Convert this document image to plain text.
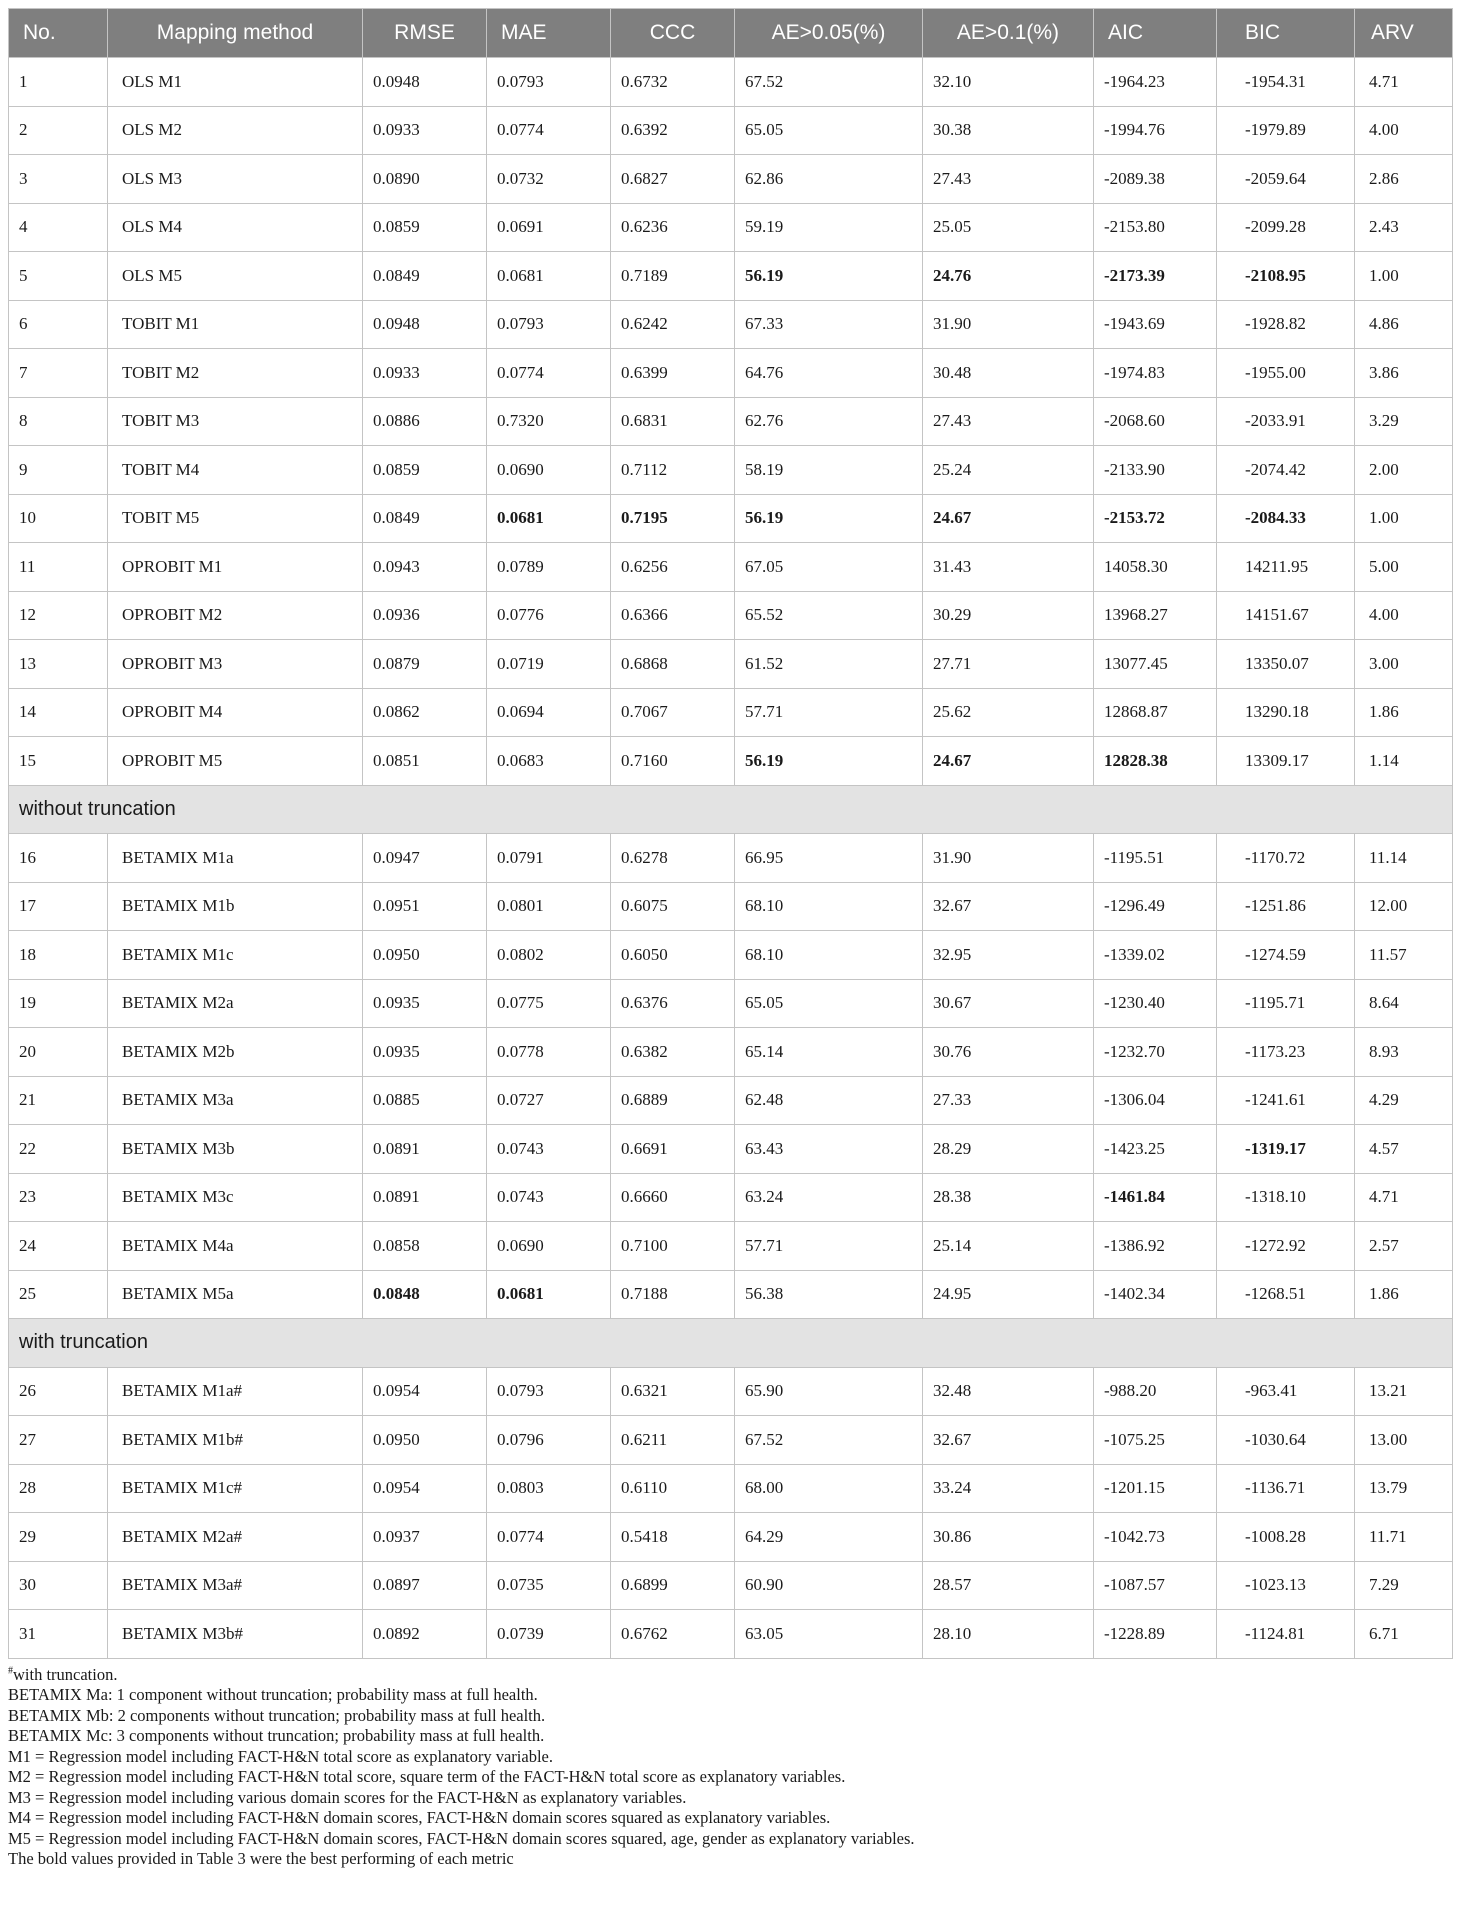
No.	Mapping method	RMSE	MAE	CCC	AE>0.05(%)	AE>0.1(%)	AIC	BIC	ARV
1	OLS M1	0.0948	0.0793	0.6732	67.52	32.10	-1964.23	-1954.31	4.71
2	OLS M2	0.0933	0.0774	0.6392	65.05	30.38	-1994.76	-1979.89	4.00
3	OLS M3	0.0890	0.0732	0.6827	62.86	27.43	-2089.38	-2059.64	2.86
4	OLS M4	0.0859	0.0691	0.6236	59.19	25.05	-2153.80	-2099.28	2.43
5	OLS M5	0.0849	0.0681	0.7189	56.19	24.76	-2173.39	-2108.95	1.00
6	TOBIT M1	0.0948	0.0793	0.6242	67.33	31.90	-1943.69	-1928.82	4.86
7	TOBIT M2	0.0933	0.0774	0.6399	64.76	30.48	-1974.83	-1955.00	3.86
8	TOBIT M3	0.0886	0.7320	0.6831	62.76	27.43	-2068.60	-2033.91	3.29
9	TOBIT M4	0.0859	0.0690	0.7112	58.19	25.24	-2133.90	-2074.42	2.00
10	TOBIT M5	0.0849	0.0681	0.7195	56.19	24.67	-2153.72	-2084.33	1.00
11	OPROBIT M1	0.0943	0.0789	0.6256	67.05	31.43	14058.30	14211.95	5.00
12	OPROBIT M2	0.0936	0.0776	0.6366	65.52	30.29	13968.27	14151.67	4.00
13	OPROBIT M3	0.0879	0.0719	0.6868	61.52	27.71	13077.45	13350.07	3.00
14	OPROBIT M4	0.0862	0.0694	0.7067	57.71	25.62	12868.87	13290.18	1.86
15	OPROBIT M5	0.0851	0.0683	0.7160	56.19	24.67	12828.38	13309.17	1.14
without truncation									
16	BETAMIX M1a	0.0947	0.0791	0.6278	66.95	31.90	-1195.51	-1170.72	11.14
17	BETAMIX M1b	0.0951	0.0801	0.6075	68.10	32.67	-1296.49	-1251.86	12.00
18	BETAMIX M1c	0.0950	0.0802	0.6050	68.10	32.95	-1339.02	-1274.59	11.57
19	BETAMIX M2a	0.0935	0.0775	0.6376	65.05	30.67	-1230.40	-1195.71	8.64
20	BETAMIX M2b	0.0935	0.0778	0.6382	65.14	30.76	-1232.70	-1173.23	8.93
21	BETAMIX M3a	0.0885	0.0727	0.6889	62.48	27.33	-1306.04	-1241.61	4.29
22	BETAMIX M3b	0.0891	0.0743	0.6691	63.43	28.29	-1423.25	-1319.17	4.57
23	BETAMIX M3c	0.0891	0.0743	0.6660	63.24	28.38	-1461.84	-1318.10	4.71
24	BETAMIX M4a	0.0858	0.0690	0.7100	57.71	25.14	-1386.92	-1272.92	2.57
25	BETAMIX M5a	0.0848	0.0681	0.7188	56.38	24.95	-1402.34	-1268.51	1.86
with truncation									
26	BETAMIX M1a#	0.0954	0.0793	0.6321	65.90	32.48	-988.20	-963.41	13.21
27	BETAMIX M1b#	0.0950	0.0796	0.6211	67.52	32.67	-1075.25	-1030.64	13.00
28	BETAMIX M1c#	0.0954	0.0803	0.6110	68.00	33.24	-1201.15	-1136.71	13.79
29	BETAMIX M2a#	0.0937	0.0774	0.5418	64.29	30.86	-1042.73	-1008.28	11.71
30	BETAMIX M3a#	0.0897	0.0735	0.6899	60.90	28.57	-1087.57	-1023.13	7.29
31	BETAMIX M3b#	0.0892	0.0739	0.6762	63.05	28.10	-1228.89	-1124.81	6.71
#with truncation.
BETAMIX Ma: 1 component without truncation; probability mass at full health.
BETAMIX Mb: 2 components without truncation; probability mass at full health.
BETAMIX Mc: 3 components without truncation; probability mass at full health.
M1 = Regression model including FACT-H&N total score as explanatory variable.
M2 = Regression model including FACT-H&N total score, square term of the FACT-H&N total score as explanatory variables.
M3 = Regression model including various domain scores for the FACT-H&N as explanatory variables.
M4 = Regression model including FACT-H&N domain scores, FACT-H&N domain scores squared as explanatory variables.
M5 = Regression model including FACT-H&N domain scores, FACT-H&N domain scores squared, age, gender as explanatory variables.
The bold values provided in Table 3 were the best performing of each metric
